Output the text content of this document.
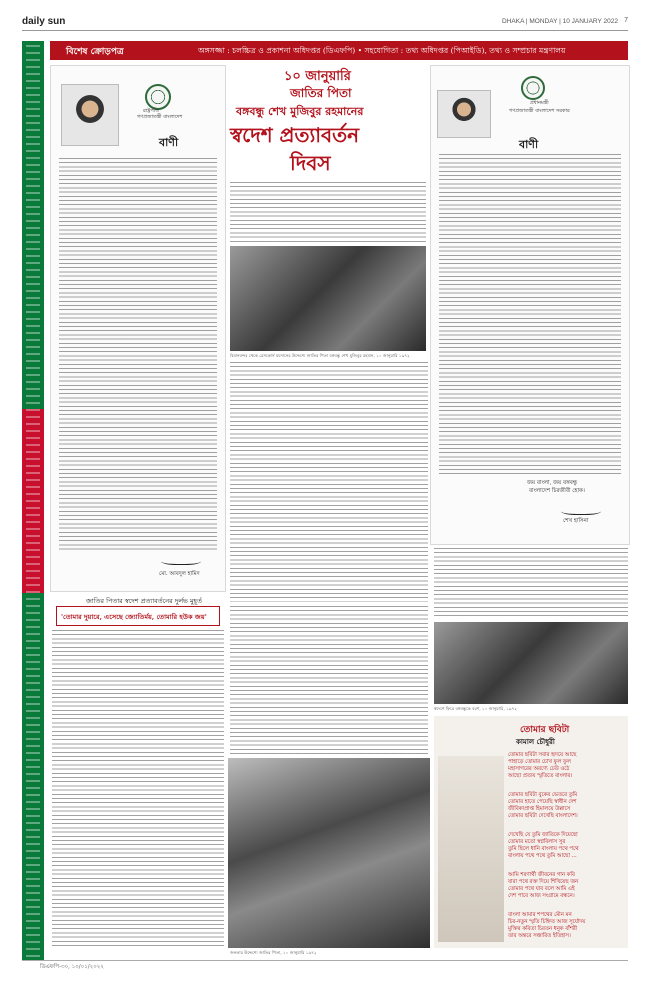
daily sun	DHAKA | MONDAY | 10 JANUARY 2022 7
বিশেষ ক্রোড়পত্র	অঙ্গসজ্জা : চলচ্চিত্র ও প্রকাশনা অধিদপ্তর (ডিএফপি) • সহযোগিতা : তথ্য অধিদপ্তর (পিআইডি), তথ্য ও সম্প্রচার মন্ত্রণালয়
রাষ্ট্রপতি
গণপ্রজাতন্ত্রী বাংলাদেশ
বাণী
মো. আবদুল হামিদ
১০ জানুয়ারি
জাতির পিতা
বঙ্গবন্ধু শেখ মুজিবুর রহমানের
স্বদেশ প্রত্যাবর্তন
দিবস
প্রধানমন্ত্রী
গণপ্রজাতন্ত্রী বাংলাদেশ সরকার
বাণী
জয় বাংলা, জয় বঙ্গবন্ধু
বাংলাদেশ চিরজীবী হোক।
শেখ হাসিনা
বিমানবন্দর থেকে রেসকোর্স ময়দানের উদ্দেশ্যে জাতির পিতা বঙ্গবন্ধু শেখ মুজিবুর রহমান, ১০ জানুয়ারি ১৯৭২
জাতির পিতার স্বদেশ প্রত্যাবর্তনের দুর্লভ মুহূর্ত
'তোমার দুয়ারে, এসেছে জ্যোতির্ময়, তোমারি হউক জয়'
স্বদেশে ফিরে বঙ্গবন্ধুকে বরণ, ১০ জানুয়ারি, ১৯৭২
তোমার ছবিটা
কামাল চৌধুরী
তোমার ছবিটা সবার হৃদয়ে আছে
পাহাড়ে তোমার চোখ ফুল ফুল
মহাসাগরের অরণ্যে ঢেউ ওঠে
আছো প্রত্যয় স্মৃতিতে বাংলার।
তোমার ছবিটা বুকের ভেতরে তুমি
তোমার হাতে পেয়েছি স্বাধীন দেশ
জীবিকাপ্রাপ্ত হিমালয়ে উল্লাসে
তোমার ছবিটা দেখেছি বাংলাদেশ।
দেখেছি যে তুমি জাতিকে দিয়েছো
তোমার মতো স্বপ্নবিলাস সুর
তুমি ছিলে ধানি বাংলায় পথে পথে
বাংলায় পথে পথে তুমি আছো ...
আমি শরণার্থী জীবনের গান কবি
যারা পথে রক্ত দিয়ে শিখিয়েছ জন
তোমার পথে যাব বলে আমি এই
দেশ পাবে আজ সংগ্রামে বন্ধনে।
বাংলা আমার শপথের মৌন মন
চির-নতুন স্মৃতি চিহ্নিত আজ সূর্যোদয়
মুক্তির কবিতা চিরতন ধনুক বাঁশরী
তার অন্তরে সঞ্চারিত ইতিহাস।
জনতার উদ্দেশ্যে জাতির পিতা, ১০ জানুয়ারি ১৯৭২
ডিএফপি-৩০, ১০/০১/২০২২
